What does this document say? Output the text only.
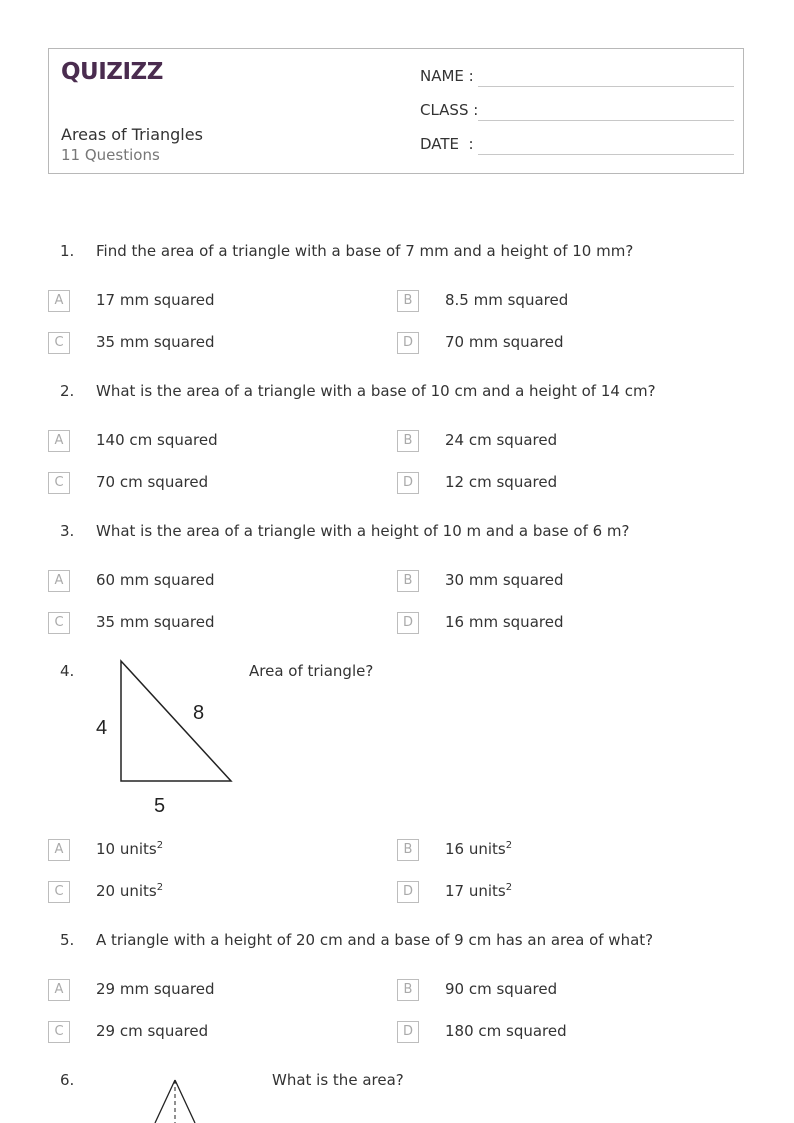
QUIZIZZ
Areas of Triangles
11 Questions
NAME :
CLASS :
DATE  :
1. Find the area of a triangle with a base of 7 mm and a height of 10 mm?
A	17 mm squared	B	8.5 mm squared
C	35 mm squared	D	70 mm squared
2. What is the area of a triangle with a base of 10 cm and a height of 14 cm?
A	140 cm squared	B	24 cm squared
C	70 cm squared	D	12 cm squared
3. What is the area of a triangle with a height of 10 m and a base of 6 m?
A	60 mm squared	B	30 mm squared
C	35 mm squared	D	16 mm squared
4.	Area of triangle?
4
8
5
A	10 units$^2$	B	16 units$^2$
C	20 units$^2$	D	17 units$^2$
5. A triangle with a height of 20 cm and a base of 9 cm has an area of what?
A	29 mm squared	B	90 cm squared
C	29 cm squared	D	180 cm squared
6.	What is the area?
